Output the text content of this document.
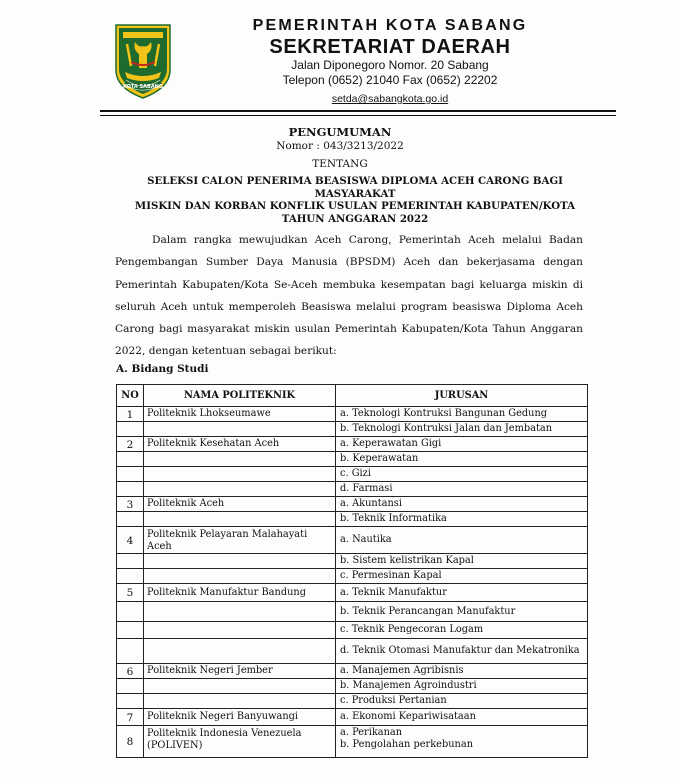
KOTA SABANG
PEMERINTAH KOTA SABANG
SEKRETARIAT DAERAH
Jalan Diponegoro Nomor. 20 Sabang
Telepon (0652) 21040 Fax (0652) 22202
setda@sabangkota.go.id
PENGUMUMAN
Nomor : 043/3213/2022
TENTANG
SELEKSI CALON PENERIMA BEASISWA DIPLOMA ACEH CARONG BAGI MASYARAKAT
MISKIN DAN KORBAN KONFLIK USULAN PEMERINTAH KABUPATEN/KOTA
TAHUN ANGGARAN 2022
Dalam rangka mewujudkan Aceh Carong, Pemerintah Aceh melalui Badan Pengembangan Sumber Daya Manusia (BPSDM) Aceh dan bekerjasama dengan Pemerintah Kabupaten/Kota Se-Aceh membuka kesempatan bagi keluarga miskin di seluruh Aceh untuk memperoleh Beasiswa melalui program beasiswa Diploma Aceh Carong bagi masyarakat miskin usulan Pemerintah Kabupaten/Kota Tahun Anggaran 2022, dengan ketentuan sebagai berikut:
A. Bidang Studi
NO	NAMA POLITEKNIK	JURUSAN
1	Politeknik Lhokseumawe	a. Teknologi Kontruksi Bangunan Gedung
		b. Teknologi Kontruksi Jalan dan Jembatan
2	Politeknik Kesehatan Aceh	a. Keperawatan Gigi
		b. Keperawatan
		c. Gizi
		d. Farmasi
3	Politeknik Aceh	a. Akuntansi
		b. Teknik Informatika
4	Politeknik Pelayaran Malahayati Aceh	a. Nautika
		b. Sistem kelistrikan Kapal
		c. Permesinan Kapal
5	Politeknik Manufaktur Bandung	a. Teknik Manufaktur
		b. Teknik Perancangan Manufaktur
		c. Teknik Pengecoran Logam
		d. Teknik Otomasi Manufaktur dan Mekatronika
6	Politeknik Negeri Jember	a. Manajemen Agribisnis
		b. Manajemen Agroindustri
		c. Produksi Pertanian
7	Politeknik Negeri Banyuwangi	a. Ekonomi Kepariwisataan
8	Politeknik Indonesia Venezuela (POLIVEN)	a. Perikanan
b. Pengolahan perkebunan
